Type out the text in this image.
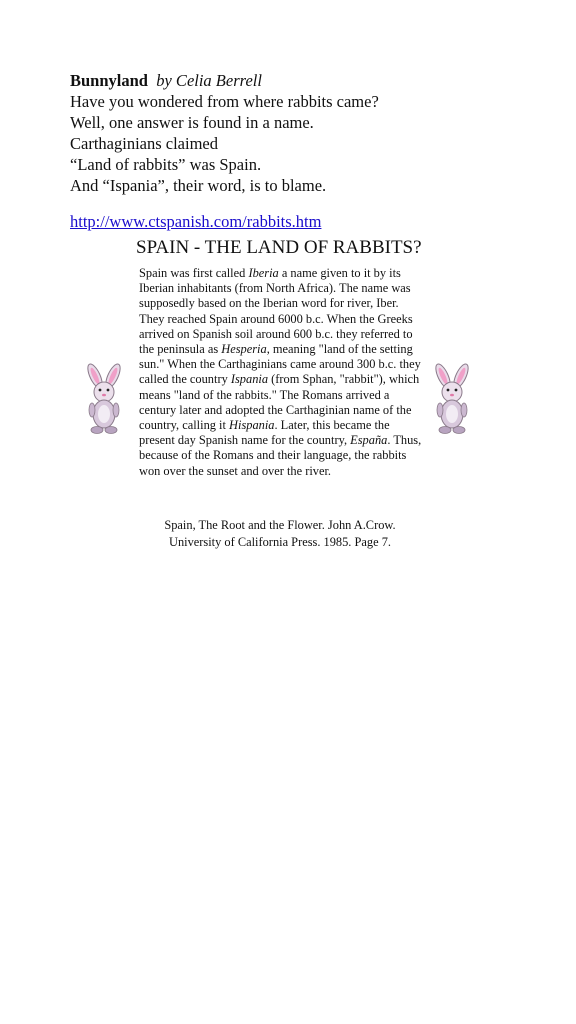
Bunnyland by Celia Berrell
Have you wondered from where rabbits came?
Well, one answer is found in a name.
Carthaginians claimed
“Land of rabbits” was Spain.
And “Ispania”, their word, is to blame.
http://www.ctspanish.com/rabbits.htm
SPAIN - THE LAND OF RABBITS?

Spain was first called Iberia a name given to it by its Iberian inhabitants (from North Africa). The name was supposedly based on the Iberian word for river, Iber. They reached Spain around 6000 b.c. When the Greeks arrived on Spanish soil around 600 b.c. they referred to the peninsula as Hesperia, meaning "land of the setting sun." When the Carthaginians came around 300 b.c. they called the country Ispania (from Sphan, "rabbit"), which means "land of the rabbits." The Romans arrived a century later and adopted the Carthaginian name of the country, calling it Hispania. Later, this became the present day Spanish name for the country, España. Thus, because of the Romans and their language, the rabbits won over the sunset and over the river.

Spain, The Root and the Flower. John A.Crow.
University of California Press. 1985. Page 7.
